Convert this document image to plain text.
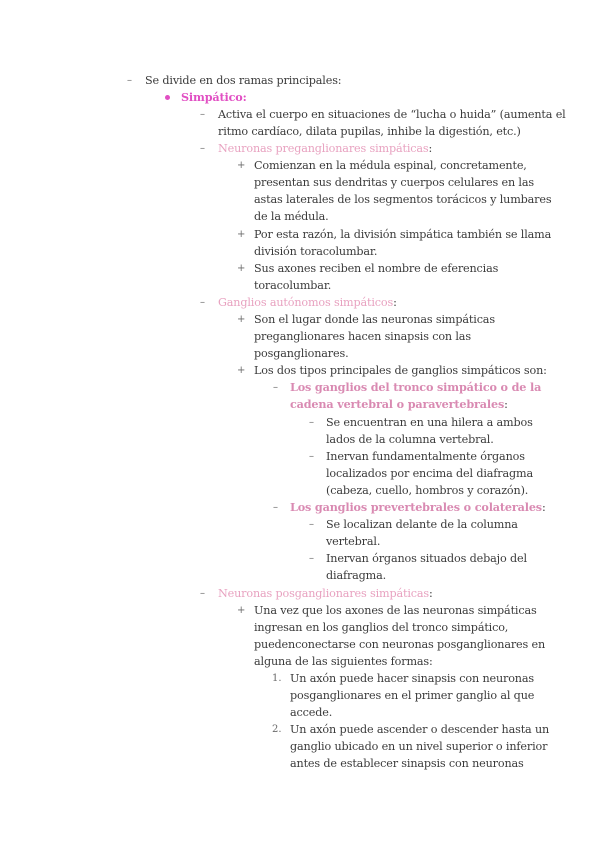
– Se divide en dos ramas principales:
Simpático:
– Activa el cuerpo en situaciones de “lucha o huida” (aumenta el
ritmo cardíaco, dilata pupilas, inhibe la digestión, etc.)
– Neuronas preganglionares simpáticas:
+ Comienzan en la médula espinal, concretamente,
presentan sus dendritas y cuerpos celulares en las
astas laterales de los segmentos torácicos y lumbares
de la médula.
+ Por esta razón, la división simpática también se llama
división toracolumbar.
+ Sus axones reciben el nombre de eferencias
toracolumbar.
– Ganglios autónomos simpáticos:
+ Son el lugar donde las neuronas simpáticas
preganglionares hacen sinapsis con las
posganglionares.
+ Los dos tipos principales de ganglios simpáticos son:
– Los ganglios del tronco simpático o de la
cadena vertebral o paravertebrales:
– Se encuentran en una hilera a ambos
lados de la columna vertebral.
– Inervan fundamentalmente órganos
localizados por encima del diafragma
(cabeza, cuello, hombros y corazón).
– Los ganglios prevertebrales o colaterales:
– Se localizan delante de la columna
vertebral.
– Inervan órganos situados debajo del
diafragma.
– Neuronas posganglionares simpáticas:
+ Una vez que los axones de las neuronas simpáticas
ingresan en los ganglios del tronco simpático,
puedenconectarse con neuronas posganglionares en
alguna de las siguientes formas:
1. Un axón puede hacer sinapsis con neuronas
posganglionares en el primer ganglio al que
accede.
2. Un axón puede ascender o descender hasta un
ganglio ubicado en un nivel superior o inferior
antes de establecer sinapsis con neuronas
